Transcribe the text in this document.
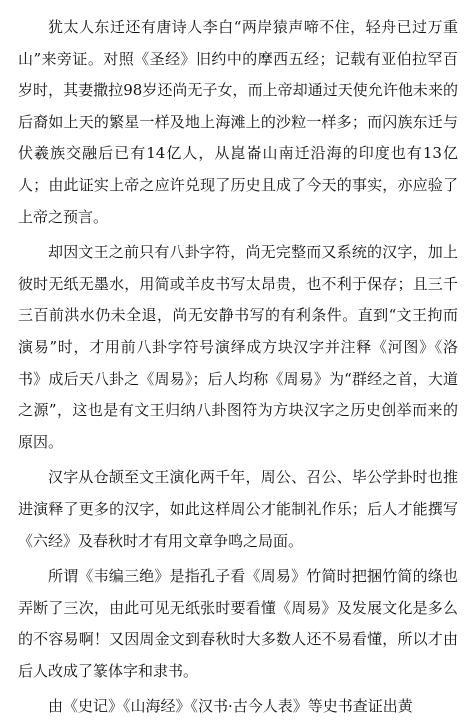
犹太人东迁还有唐诗人李白“两岸猿声啼不住，轻舟已过万重山”来旁证。对照《圣经》旧约中的摩西五经；记载有亚伯拉罕百岁时，其妻撒拉98岁还尚无子女，而上帝却通过天使允许他未来的后裔如上天的繁星一样及地上海滩上的沙粒一样多；而闪族东迁与伏羲族交融后已有14亿人，从崑崙山南迁沿海的印度也有13亿人；由此证实上帝之应许兑现了历史且成了今天的事实，亦应验了上帝之预言。

却因文王之前只有八卦字符，尚无完整而又系统的汉字，加上彼时无纸无墨水，用简或羊皮书写太昂贵，也不利于保存；且三千三百前洪水仍未全退，尚无安静书写的有利条件。直到“文王拘而演易”时，才用前八卦字符号演绎成方块汉字并注释《河图》《洛书》成后天八卦之《周易》；后人均称《周易》为“群经之首，大道之源”，这也是有文王归纳八卦图符为方块汉字之历史创举而来的原因。

汉字从仓颉至文王演化两千年，周公、召公、毕公学卦时也推进演释了更多的汉字，如此这样周公才能制礼作乐；后人才能撰写《六经》及春秋时才有用文章争鸣之局面。

所谓《韦编三绝》是指孔子看《周易》竹简时把捆竹简的绦也弄断了三次，由此可见无纸张时要看懂《周易》及发展文化是多么的不容易啊！又因周金文到春秋时大多数人还不易看懂，所以才由后人改成了篆体字和隶书。

由《史记》《山海经》《汉书·古今人表》等史书查证出黄
